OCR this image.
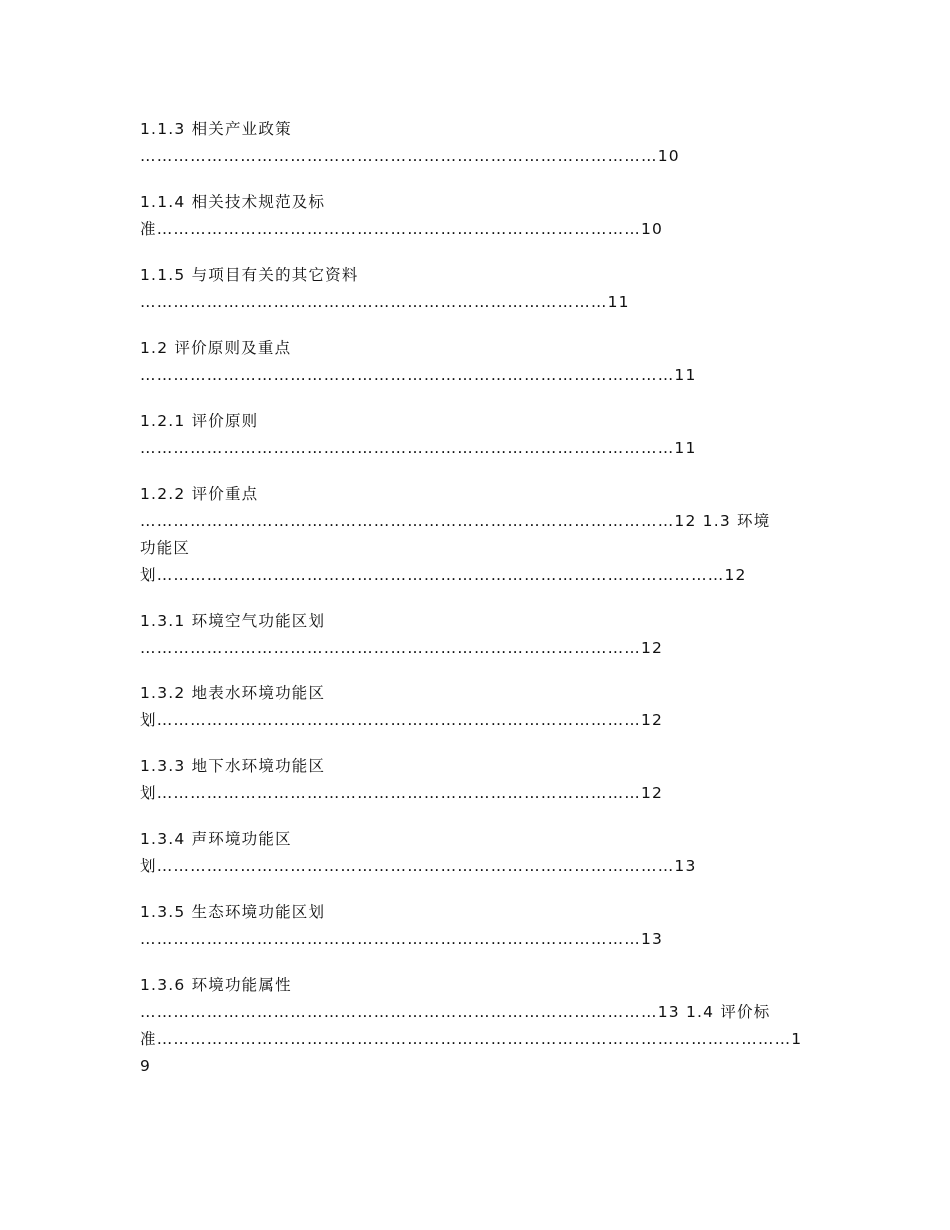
1.1.3 相关产业政策
…………………………………………………………………………………10
1.1.4 相关技术规范及标
准……………………………………………………………………………10
1.1.5 与项目有关的其它资料
…………………………………………………………………………11
1.2 评价原则及重点
……………………………………………………………………………………11
1.2.1 评价原则
……………………………………………………………………………………11
1.2.2 评价重点
……………………………………………………………………………………12 1.3 环境
功能区
划…………………………………………………………………………………………12
1.3.1 环境空气功能区划
………………………………………………………………………………12
1.3.2 地表水环境功能区
划……………………………………………………………………………12
1.3.3 地下水环境功能区
划……………………………………………………………………………12
1.3.4 声环境功能区
划…………………………………………………………………………………13
1.3.5 生态环境功能区划
………………………………………………………………………………13
1.3.6 环境功能属性
…………………………………………………………………………………13 1.4 评价标
准……………………………………………………………………………………………………1
9
